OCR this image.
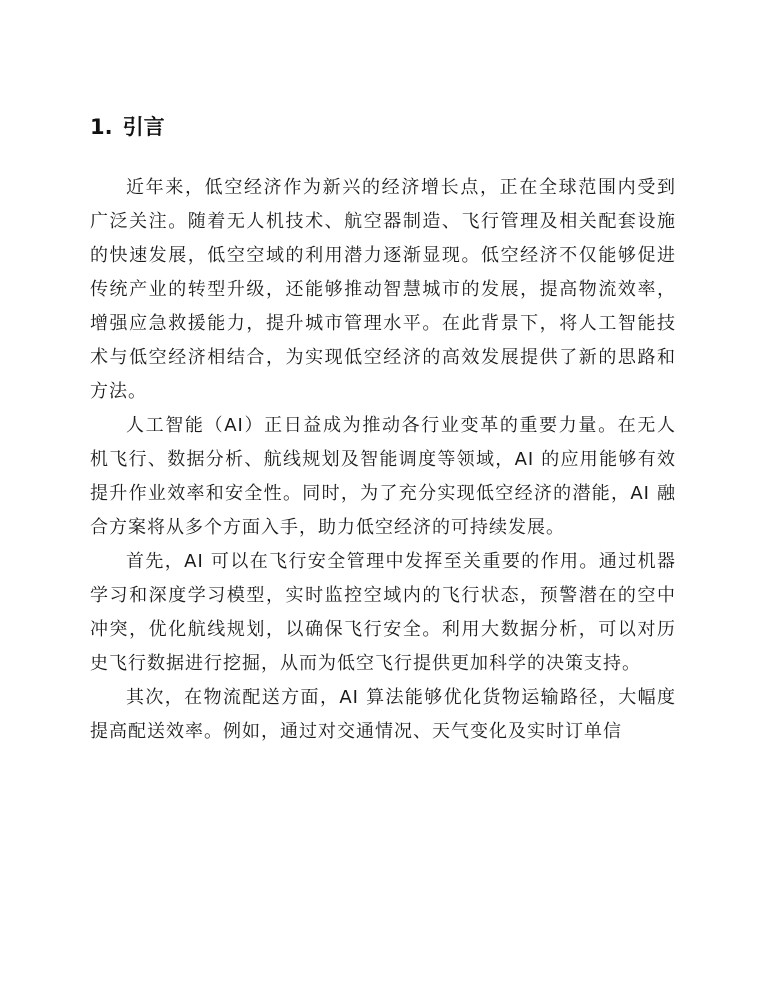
1. 引言

近年来，低空经济作为新兴的经济增长点，正在全球范围内受到广泛关注。随着无人机技术、航空器制造、飞行管理及相关配套设施的快速发展，低空空域的利用潜力逐渐显现。低空经济不仅能够促进传统产业的转型升级，还能够推动智慧城市的发展，提高物流效率，增强应急救援能力，提升城市管理水平。在此背景下，将人工智能技术与低空经济相结合，为实现低空经济的高效发展提供了新的思路和方法。

人工智能（AI）正日益成为推动各行业变革的重要力量。在无人机飞行、数据分析、航线规划及智能调度等领域，AI 的应用能够有效提升作业效率和安全性。同时，为了充分实现低空经济的潜能，AI 融合方案将从多个方面入手，助力低空经济的可持续发展。

首先，AI 可以在飞行安全管理中发挥至关重要的作用。通过机器学习和深度学习模型，实时监控空域内的飞行状态，预警潜在的空中冲突，优化航线规划，以确保飞行安全。利用大数据分析，可以对历史飞行数据进行挖掘，从而为低空飞行提供更加科学的决策支持。

其次，在物流配送方面，AI 算法能够优化货物运输路径，大幅度提高配送效率。例如，通过对交通情况、天气变化及实时订单信
